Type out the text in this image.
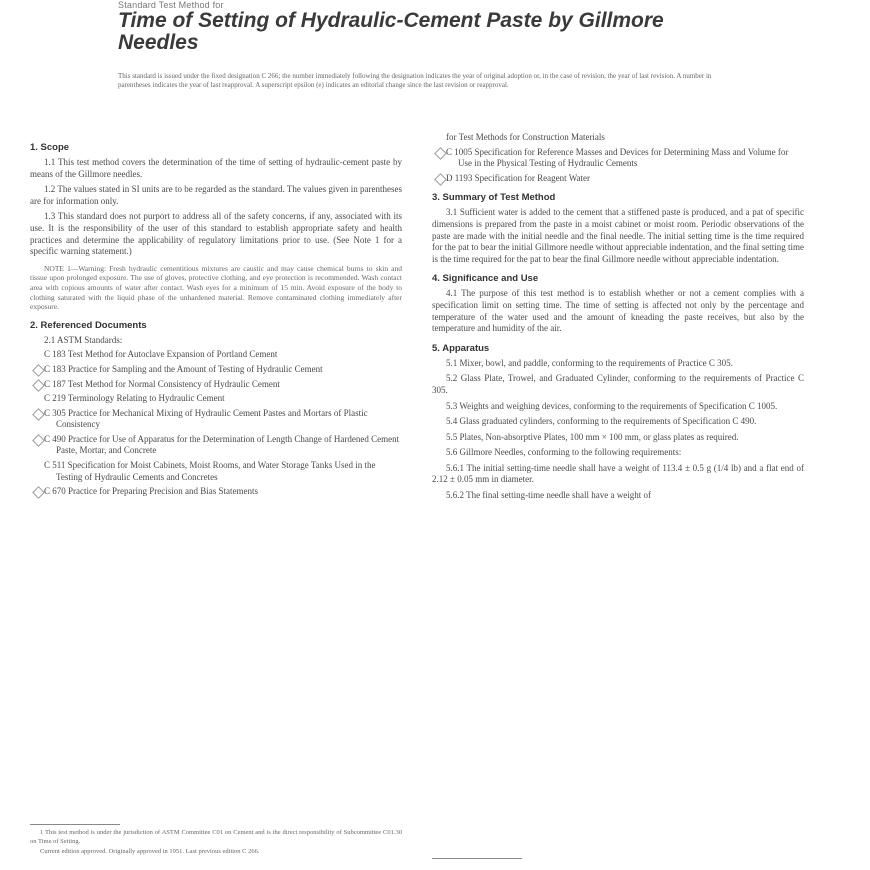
Standard Test Method for
Time of Setting of Hydraulic-Cement Paste by Gillmore Needles
This standard is issued under the fixed designation C 266; the number immediately following the designation indicates the year of original adoption or, in the case of revision, the year of last revision. A number in parentheses indicates the year of last reapproval. A superscript epsilon (e) indicates an editorial change since the last revision or reapproval.
1. Scope

1.1 This test method covers the determination of the time of setting of hydraulic-cement paste by means of the Gillmore needles.

1.2 The values stated in SI units are to be regarded as the standard. The values given in parentheses are for information only.

1.3 This standard does not purport to address all of the safety concerns, if any, associated with its use. It is the responsibility of the user of this standard to establish appropriate safety and health practices and determine the applicability of regulatory limitations prior to use. (See Note 1 for a specific warning statement.)

NOTE 1—Warning: Fresh hydraulic cementitious mixtures are caustic and may cause chemical burns to skin and tissue upon prolonged exposure. The use of gloves, protective clothing, and eye protection is recommended. Wash contact area with copious amounts of water after contact. Wash eyes for a minimum of 15 min. Avoid exposure of the body to clothing saturated with the liquid phase of the unhardened material. Remove contaminated clothing immediately after exposure.

2. Referenced Documents

2.1 ASTM Standards:

C 183 Test Method for Autoclave Expansion of Portland Cement

C 183 Practice for Sampling and the Amount of Testing of Hydraulic Cement

C 187 Test Method for Normal Consistency of Hydraulic Cement

C 219 Terminology Relating to Hydraulic Cement

C 305 Practice for Mechanical Mixing of Hydraulic Cement Pastes and Mortars of Plastic Consistency

C 490 Practice for Use of Apparatus for the Determination of Length Change of Hardened Cement Paste, Mortar, and Concrete

C 511 Specification for Moist Cabinets, Moist Rooms, and Water Storage Tanks Used in the Testing of Hydraulic Cements and Concretes

C 670 Practice for Preparing Precision and Bias Statements

1 This test method is under the jurisdiction of ASTM Committee C01 on Cement and is the direct responsibility of Subcommittee C01.30 on Time of Setting.

Current edition approved. Originally approved in 1951. Last previous edition C 266.

for Test Methods for Construction Materials

C 1005 Specification for Reference Masses and Devices for Determining Mass and Volume for Use in the Physical Testing of Hydraulic Cements

D 1193 Specification for Reagent Water

3. Summary of Test Method

3.1 Sufficient water is added to the cement that a stiffened paste is produced, and a pat of specific dimensions is prepared from the paste in a moist cabinet or moist room. Periodic observations of the paste are made with the initial needle and the final needle. The initial setting time is the time required for the pat to bear the initial Gillmore needle without appreciable indentation, and the final setting time is the time required for the pat to bear the final Gillmore needle without appreciable indentation.

4. Significance and Use

4.1 The purpose of this test method is to establish whether or not a cement complies with a specification limit on setting time. The time of setting is affected not only by the percentage and temperature of the water used and the amount of kneading the paste receives, but also by the temperature and humidity of the air.

5. Apparatus

5.1 Mixer, bowl, and paddle, conforming to the requirements of Practice C 305.

5.2 Glass Plate, Trowel, and Graduated Cylinder, conforming to the requirements of Practice C 305.

5.3 Weights and weighing devices, conforming to the requirements of Specification C 1005.

5.4 Glass graduated cylinders, conforming to the requirements of Specification C 490.

5.5 Plates, Non-absorptive Plates, 100 mm × 100 mm, or glass plates as required.

5.6 Gillmore Needles, conforming to the following requirements:

5.6.1 The initial setting-time needle shall have a weight of 113.4 ± 0.5 g (1/4 lb) and a flat end of 2.12 ± 0.05 mm in diameter.

5.6.2 The final setting-time needle shall have a weight of
